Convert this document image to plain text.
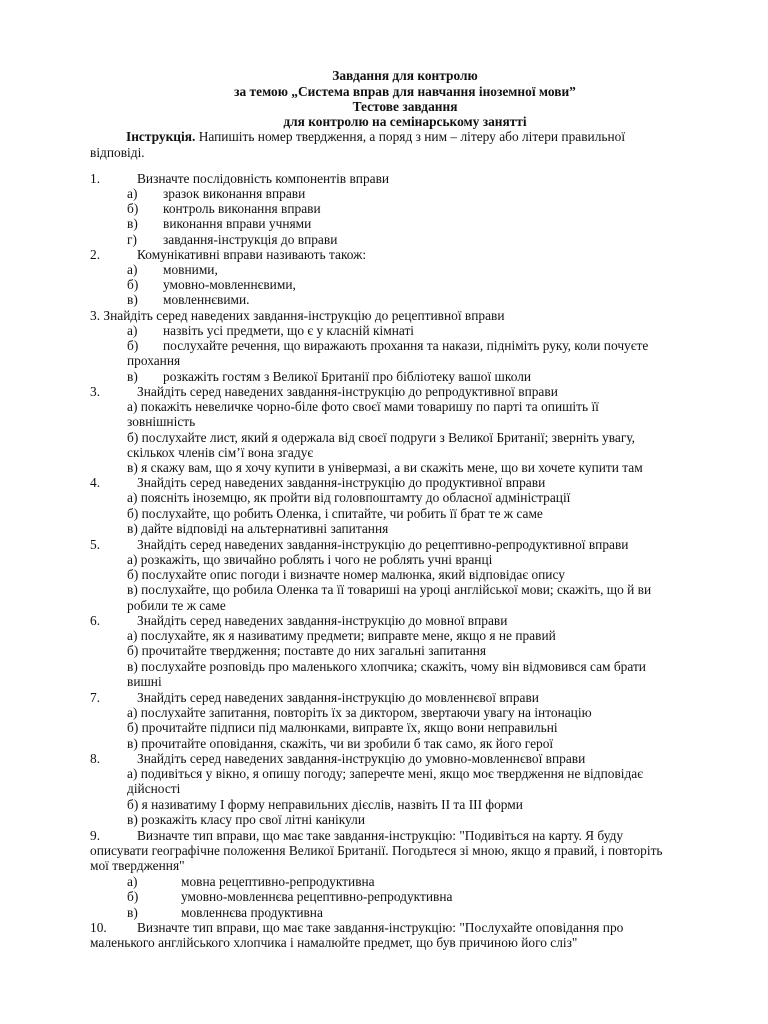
Завдання для контролю
за темою „Система вправ для навчання іноземної мови”
Тестове завдання
для контролю на семінарському занятті
Інструкція. Напишіть номер твердження, а поряд з ним – літеру або літери правильної
відповіді.
1.	Визначте послідовність компонентів вправи
а) зразок виконання вправи
б) контроль виконання вправи
в) виконання вправи учнями
г) завдання-інструкція до вправи
2.	Комунікативні вправи називають також:
а) мовними,
б) умовно-мовленнєвими,
в) мовленнєвими.
3. Знайдіть серед наведених завдання-інструкцію до рецептивної вправи
а) назвіть усі предмети, що є у класній кімнаті
б) послухайте речення, що виражають прохання та накази, підніміть руку, коли почуєте
прохання
в) розкажіть гостям з Великої Британії про бібліотеку вашої школи
3.	Знайдіть серед наведених завдання-інструкцію до репродуктивної вправи
а) покажіть невеличке чорно-біле фото своєї мами товаришу по парті та опишіть її
зовнішність
б) послухайте лист, який я одержала від своєї подруги з Великої Британії; зверніть увагу,
скількох членів сім’ї вона згадує
в) я скажу вам, що я хочу купити в універмазі, а ви скажіть мене, що ви хочете купити там
4.	Знайдіть серед наведених завдання-інструкцію до продуктивної вправи
а) поясніть іноземцю, як пройти від головпоштамту до обласної адміністрації
б) послухайте, що робить Оленка, і спитайте, чи робить її брат те ж саме
в) дайте відповіді на альтернативні запитання
5.	Знайдіть серед наведених завдання-інструкцію до рецептивно-репродуктивної вправи
а) розкажіть, що звичайно роблять і чого не роблять учні вранці
б) послухайте опис погоди і визначте номер малюнка, який відповідає опису
в) послухайте, що робила Оленка та її товариші на уроці англійської мови; скажіть, що й ви
робили те ж саме
6.	Знайдіть серед наведених завдання-інструкцію до мовної вправи
а) послухайте, як я називатиму предмети; виправте мене, якщо я не правий
б) прочитайте твердження; поставте до них загальні запитання
в) послухайте розповідь про маленького хлопчика; скажіть, чому він відмовився сам брати
вишні
7.	Знайдіть серед наведених завдання-інструкцію до мовленнєвої вправи
а) послухайте запитання, повторіть їх за диктором, звертаючи увагу на інтонацію
б) прочитайте підписи під малюнками, виправте їх, якщо вони неправильні
в) прочитайте оповідання, скажіть, чи ви зробили б так само, як його герої
8.	Знайдіть серед наведених завдання-інструкцію до умовно-мовленнєвої вправи
а) подивіться у вікно, я опишу погоду; заперечте мені, якщо моє твердження не відповідає
дійсності
б) я називатиму I форму неправильних дієслів, назвіть II та III форми
в) розкажіть класу про свої літні канікули
9.	Визначте тип вправи, що має таке завдання-інструкцію: "Подивіться на карту. Я буду
описувати географічне положення Великої Британії. Погодьтеся зі мною, якщо я правий, і повторіть
мої твердження"
а)	мовна рецептивно-репродуктивна
б)	умовно-мовленнєва рецептивно-репродуктивна
в)	мовленнєва продуктивна
10. Визначте тип вправи, що має таке завдання-інструкцію: "Послухайте оповідання про
маленького англійського хлопчика і намалюйте предмет, що був причиною його сліз"
